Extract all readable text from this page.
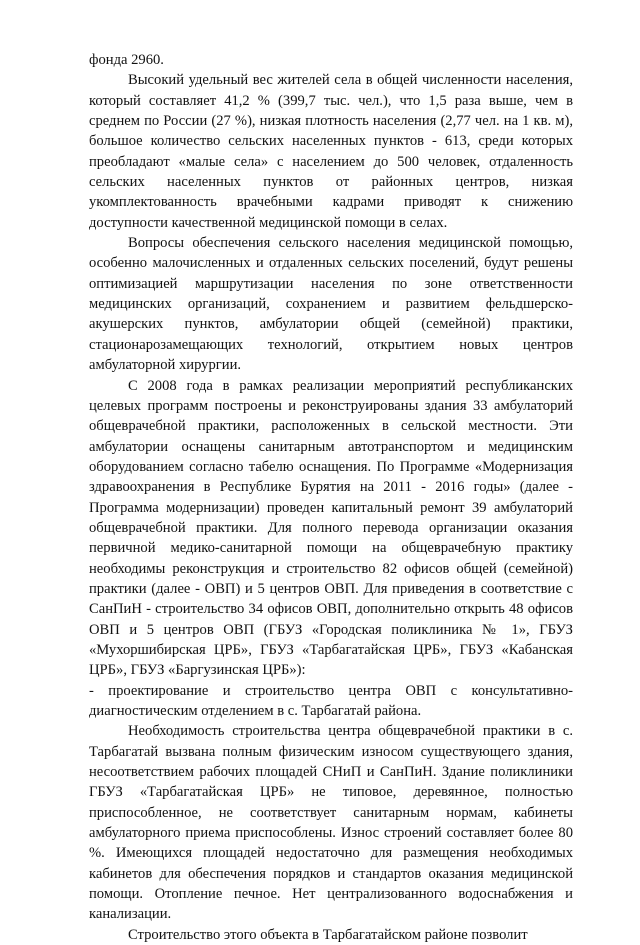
фонда 2960.

Высокий удельный вес жителей села в общей численности населения, который составляет 41,2 % (399,7 тыс. чел.), что 1,5 раза выше, чем в среднем по России (27 %), низкая плотность населения (2,77 чел. на 1 кв. м), большое количество сельских населенных пунктов - 613, среди которых преобладают «малые села» с населением до 500 человек, отдаленность сельских населенных пунктов от районных центров, низкая укомплектованность врачебными кадрами приводят к снижению доступности качественной медицинской помощи в селах.

Вопросы обеспечения сельского населения медицинской помощью, особенно малочисленных и отдаленных сельских поселений, будут решены оптимизацией маршрутизации населения по зоне ответственности медицинских организаций, сохранением и развитием фельдшерско-акушерских пунктов, амбулатории общей (семейной) практики, стационарозамещающих технологий, открытием новых центров амбулаторной хирургии.

С 2008 года в рамках реализации мероприятий республиканских целевых программ построены и реконструированы здания 33 амбулаторий общеврачебной практики, расположенных в сельской местности. Эти амбулатории оснащены санитарным автотранспортом и медицинским оборудованием согласно табелю оснащения. По Программе «Модернизация здравоохранения в Республике Бурятия на 2011 - 2016 годы» (далее - Программа модернизации) проведен капитальный ремонт 39 амбулаторий общеврачебной практики. Для полного перевода организации оказания первичной медико-санитарной помощи на общеврачебную практику необходимы реконструкция и строительство 82 офисов общей (семейной) практики (далее - ОВП) и 5 центров ОВП. Для приведения в соответствие с СанПиН - строительство 34 офисов ОВП, дополнительно открыть 48 офисов ОВП и 5 центров ОВП (ГБУЗ «Городская поликлиника № 1», ГБУЗ «Мухоршибирская ЦРБ», ГБУЗ «Тарбагатайская ЦРБ», ГБУЗ «Кабанская ЦРБ», ГБУЗ «Баргузинская ЦРБ»):

- проектирование и строительство центра ОВП с консультативно-диагностическим отделением в с. Тарбагатай района.

Необходимость строительства центра общеврачебной практики в с. Тарбагатай вызвана полным физическим износом существующего здания, несоответствием рабочих площадей СНиП и СанПиН. Здание поликлиники ГБУЗ «Тарбагатайская ЦРБ» не типовое, деревянное, полностью приспособленное, не соответствует санитарным нормам, кабинеты амбулаторного приема приспособлены. Износ строений составляет более 80 %. Имеющихся площадей недостаточно для размещения необходимых кабинетов для обеспечения порядков и стандартов оказания медицинской помощи. Отопление печное. Нет централизованного водоснабжения и канализации.

Строительство этого объекта в Тарбагатайском районе позволит
